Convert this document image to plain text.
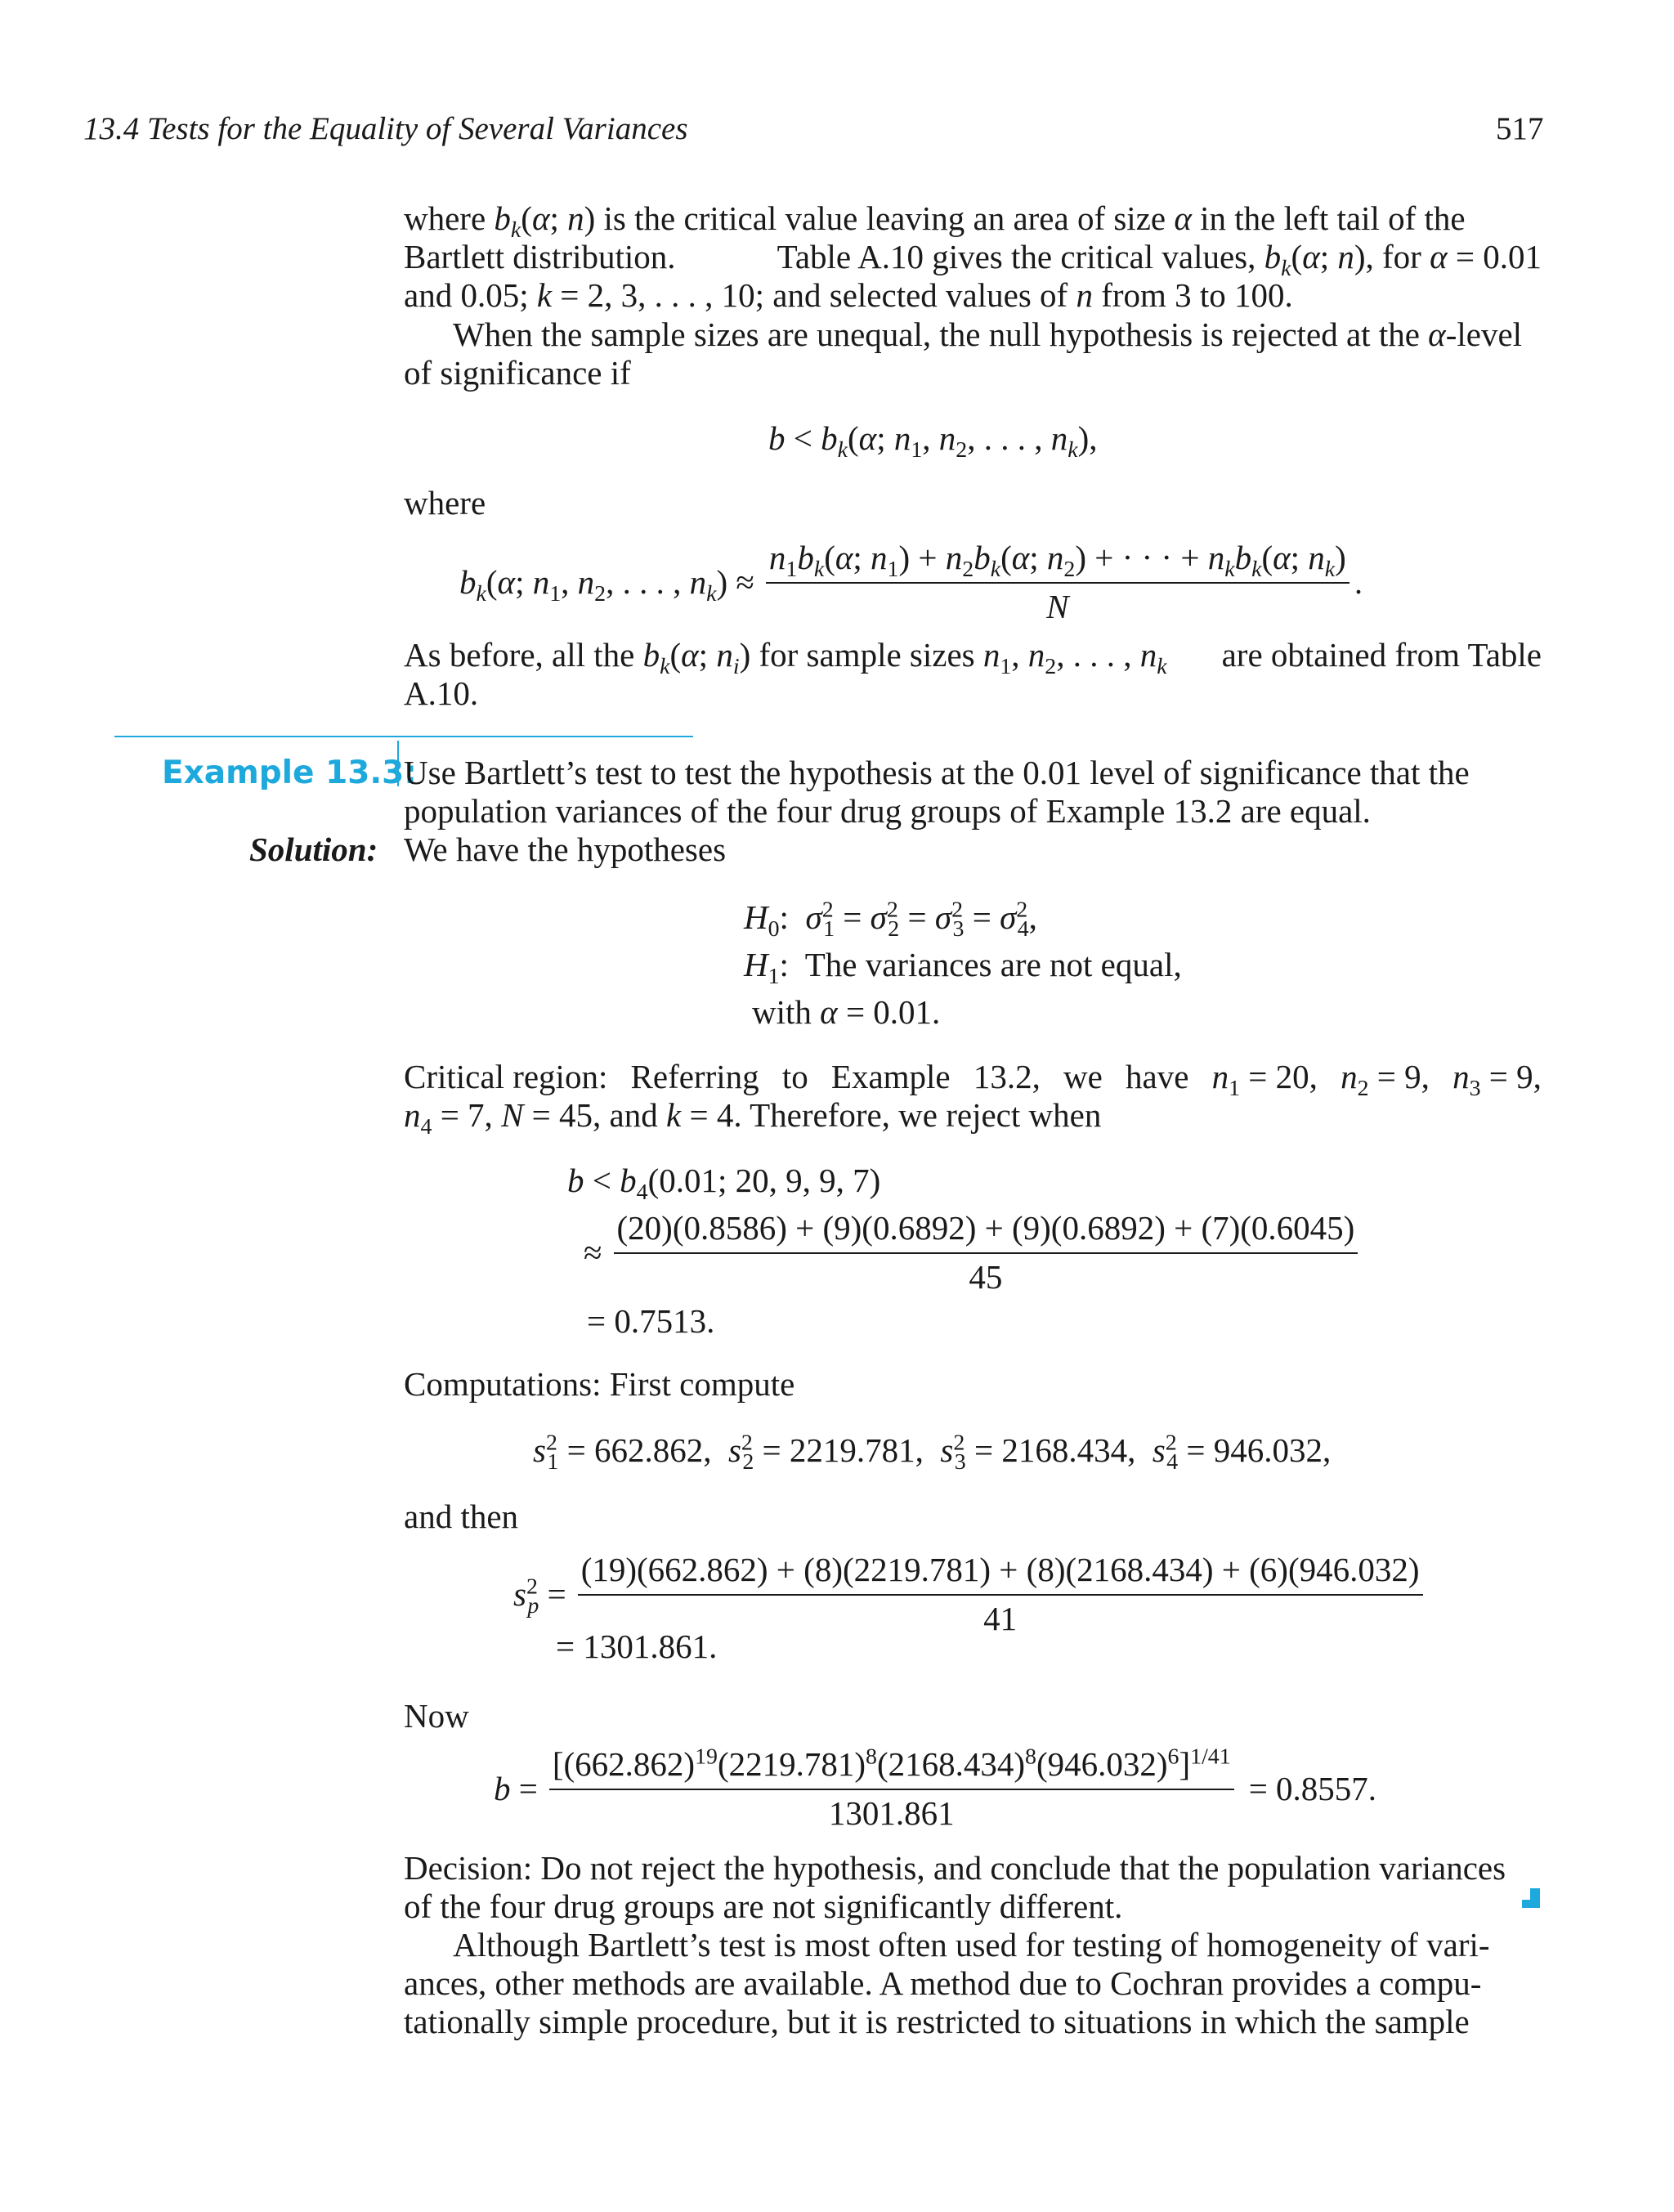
13.4 Tests for the Equality of Several Variances	517
where $b_k(\alpha$; n) is the critical value leaving an area of size α in the left tail of the
Bartlett distribution.	Table A.10 gives the critical values, $b_k(\alpha$; n), for α = 0.01
and 0.05; k = 2, 3, . . . , 10; and selected values of n from 3 to 100.
When the sample sizes are unequal, the null hypothesis is rejected at the α-level
of significance if
$b < b_k(\alpha$; $n_1$, $n_2$, . . . , $n_k$),
where
$b_k(\alpha$; $n_1$, $n_2$, . . . , $n_k) \approx \frac{n_1b_k(\alpha; n_1) + n_2b_k(\alpha; n_2) + \cdot \cdot \cdot + n_kb_k(\alpha; n_k)}{N}$ .
As before, all the $b_k(\alpha$; $n_i$) for sample sizes $n_1$, $n_2$, . . . , $n_k$ are obtained from Table
A.10.
Example 13.3:
Use Bartlett’s test to test the hypothesis at the 0.01 level of significance that the
population variances of the four drug groups of Example 13.2 are equal.
Solution: We have the hypotheses
$H_0$:  $\sigma^2_1 = \sigma^2_2 = \sigma^2_3 = \sigma^2_4$,
$H_1$:  The variances are not equal,
with α = 0.01.
Critical region: Referring to Example 13.2, we have $n_1 = 20$, $n_2 = 9$, $n_3 = 9$,
$n_4 = 7$, N = 45, and k = 4. Therefore, we reject when
$b < b_4(0.01$; 20, 9, 9, 7)
≈ $\frac{(20)(0.8586) + (9)(0.6892) + (9)(0.6892) + (7)(0.6045)}{45}$
= 0.7513.
Computations: First compute
$s^2_1 = 662.862$,  $s^2_2 = 2219.781$,  $s^2_3 = 2168.434$,  $s^2_4 = 946.032$,
and then
$s^2_p = \frac{(19)(662.862) + (8)(2219.781) + (8)(2168.434) + (6)(946.032)}{41}$
= 1301.861.
Now
$b = \frac{[(662.862)^{19}(2219.781)^8(2168.434)^8(946.032)^6]^{1/41}}{1301.861} = 0.8557$.
Decision: Do not reject the hypothesis, and conclude that the population variances
of the four drug groups are not significantly different.
Although Bartlett’s test is most often used for testing of homogeneity of vari-
ances, other methods are available. A method due to Cochran provides a compu-
tationally simple procedure, but it is restricted to situations in which the sample
